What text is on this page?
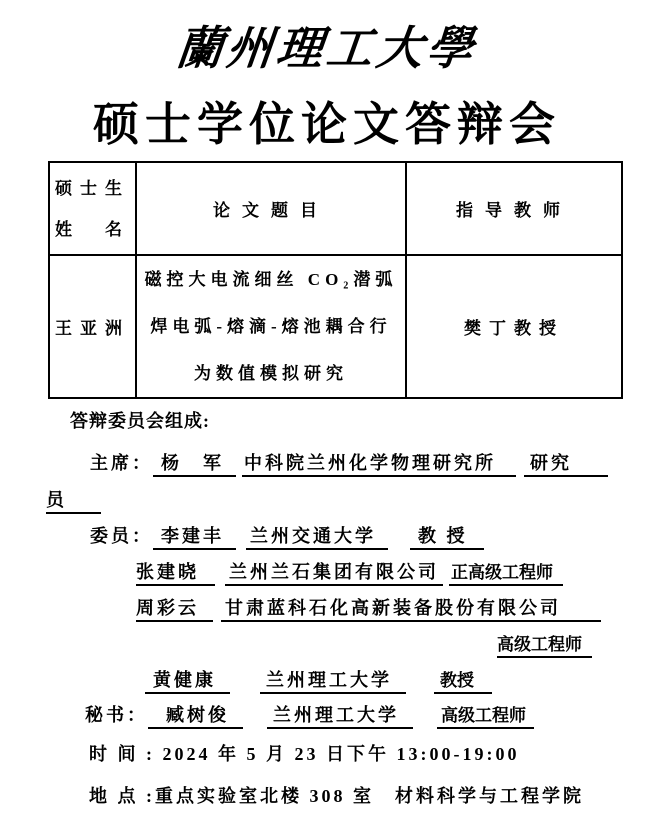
蘭州理工大學
硕士学位论文答辩会
硕士生
姓　名	论文题目	指导教师
王亚洲	磁控大电流细丝 CO₂潜弧
焊电弧-熔滴-熔池耦合行
为数值模拟研究	樊丁教授
答辩委员会组成:
主席： 杨　军 中科院兰州化学物理研究所 研究
员
委员： 李建丰 兰州交通大学 教 授
张建晓 兰州兰石集团有限公司 正高级工程师
周彩云 甘肃蓝科石化高新装备股份有限公司
高级工程师
黄健康	兰州理工大学	教授
秘书： 臧树俊 兰州理工大学 高级工程师
时 间 : 2024 年 5 月 23 日下午 13:00-19:00
地 点 :重点实验室北楼 308 室　材料科学与工程学院
